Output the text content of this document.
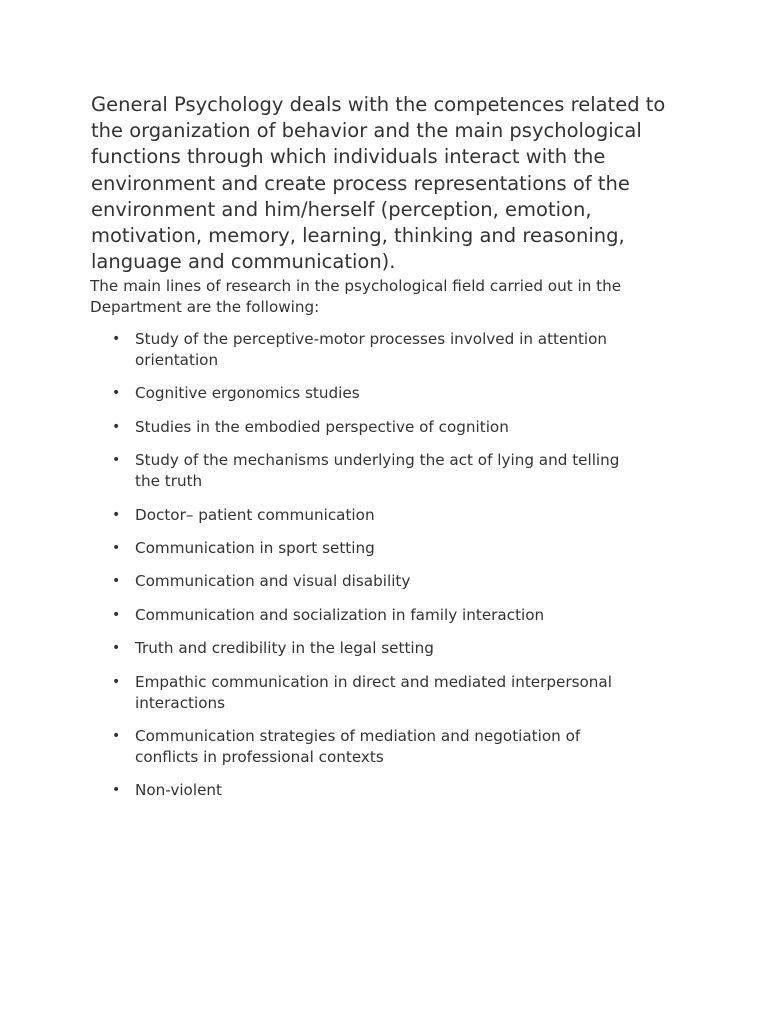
General Psychology deals with the competences related to the organization of behavior and the main psychological functions through which individuals interact with the environment and create process representations of the environment and him/herself (perception, emotion, motivation, memory, learning, thinking and reasoning, language and communication).

The main lines of research in the psychological field carried out in the Department are the following:

• Study of the perceptive-motor processes involved in attention orientation
• Cognitive ergonomics studies
• Studies in the embodied perspective of cognition
• Study of the mechanisms underlying the act of lying and telling the truth
• Doctor– patient communication
• Communication in sport setting
• Communication and visual disability
• Communication and socialization in family interaction
• Truth and credibility in the legal setting
• Empathic communication in direct and mediated interpersonal interactions
• Communication strategies of mediation and negotiation of conflicts in professional contexts
• Non-violent
